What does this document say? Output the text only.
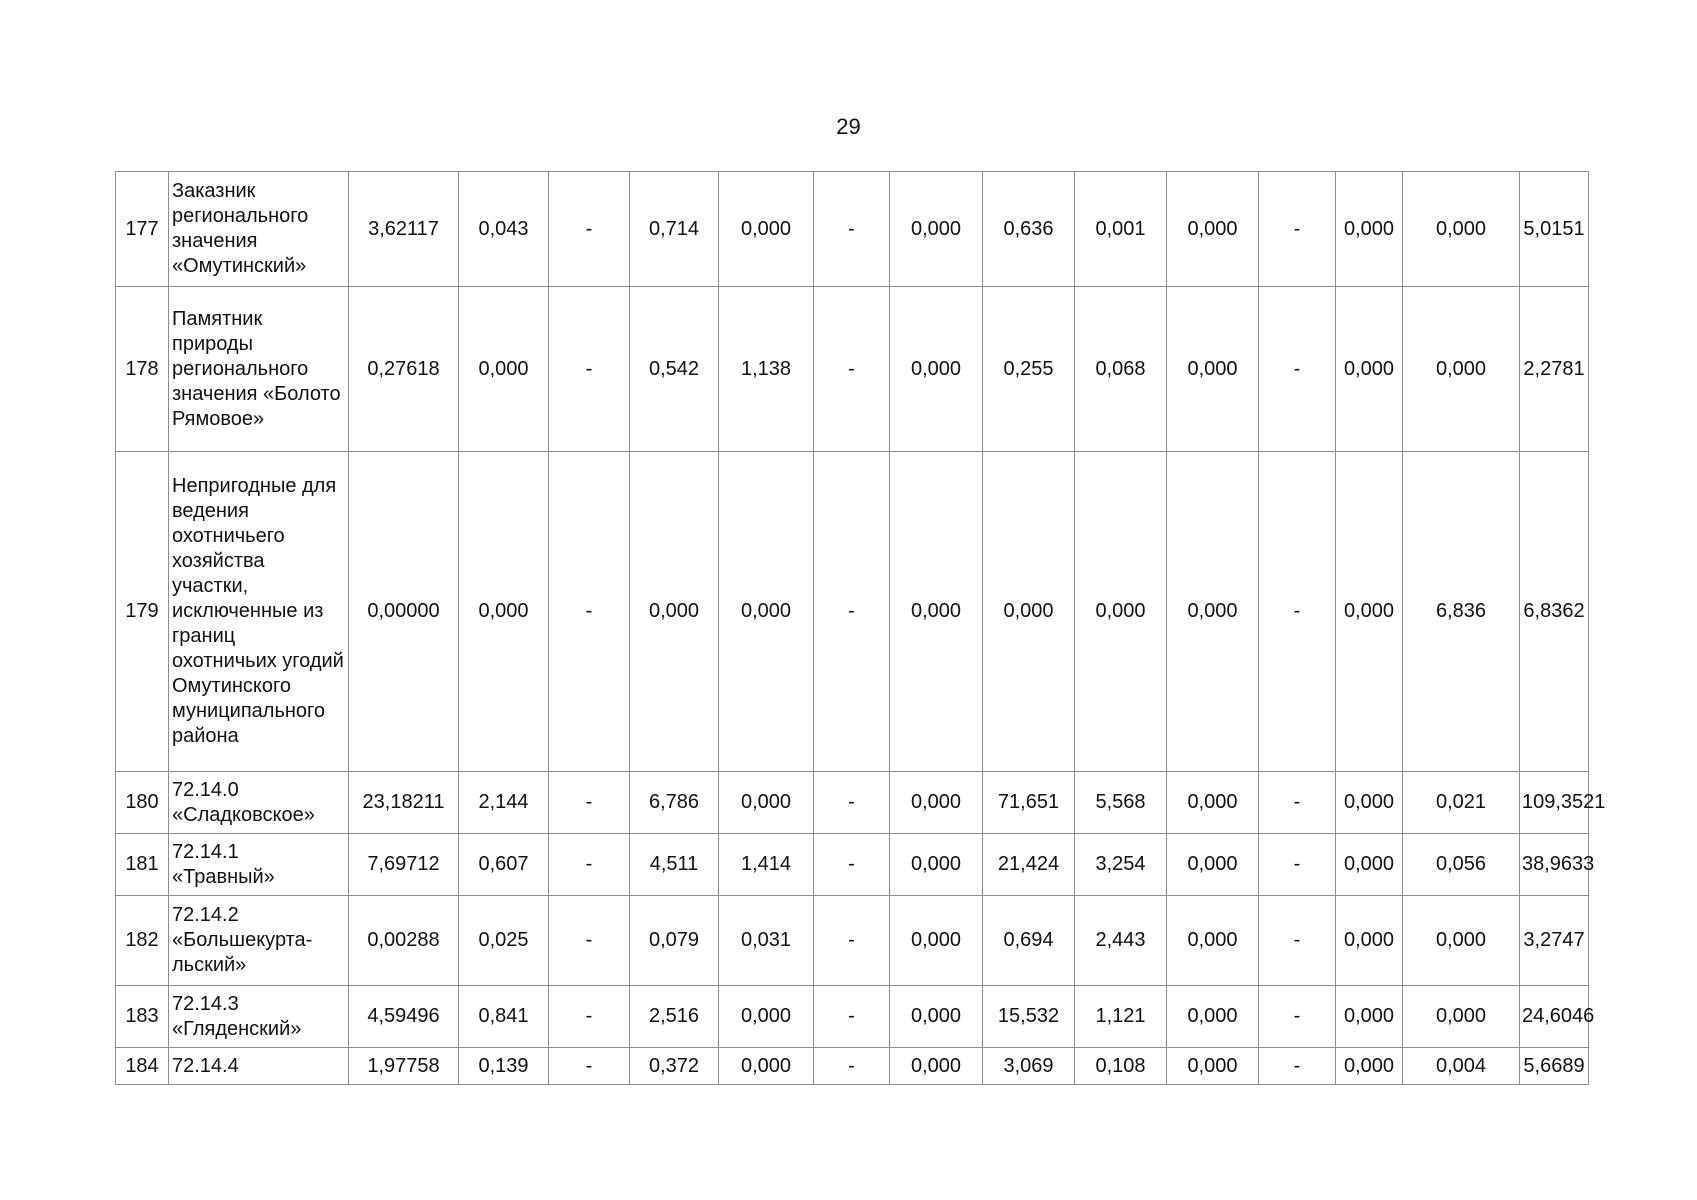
29
177	Заказник регионального значения «Омутинский»	3,62117	0,043	-	0,714	0,000	-	0,000	0,636	0,001	0,000	-	0,000	0,000	5,0151
178	Памятник природы регионального значения «Болото Рямовое»	0,27618	0,000	-	0,542	1,138	-	0,000	0,255	0,068	0,000	-	0,000	0,000	2,2781
179	Непригодные для ведения охотничьего хозяйства участки, исключенные из границ охотничьих угодий Омутинского муниципального района	0,00000	0,000	-	0,000	0,000	-	0,000	0,000	0,000	0,000	-	0,000	6,836	6,8362
180	72.14.0 «Сладковское»	23,18211	2,144	-	6,786	0,000	-	0,000	71,651	5,568	0,000	-	0,000	0,021	109,3521
181	72.14.1 «Травный»	7,69712	0,607	-	4,511	1,414	-	0,000	21,424	3,254	0,000	-	0,000	0,056	38,9633
182	72.14.2 «Большекурта-льский»	0,00288	0,025	-	0,079	0,031	-	0,000	0,694	2,443	0,000	-	0,000	0,000	3,2747
183	72.14.3 «Гляденский»	4,59496	0,841	-	2,516	0,000	-	0,000	15,532	1,121	0,000	-	0,000	0,000	24,6046
184	72.14.4	1,97758	0,139	-	0,372	0,000	-	0,000	3,069	0,108	0,000	-	0,000	0,004	5,6689
